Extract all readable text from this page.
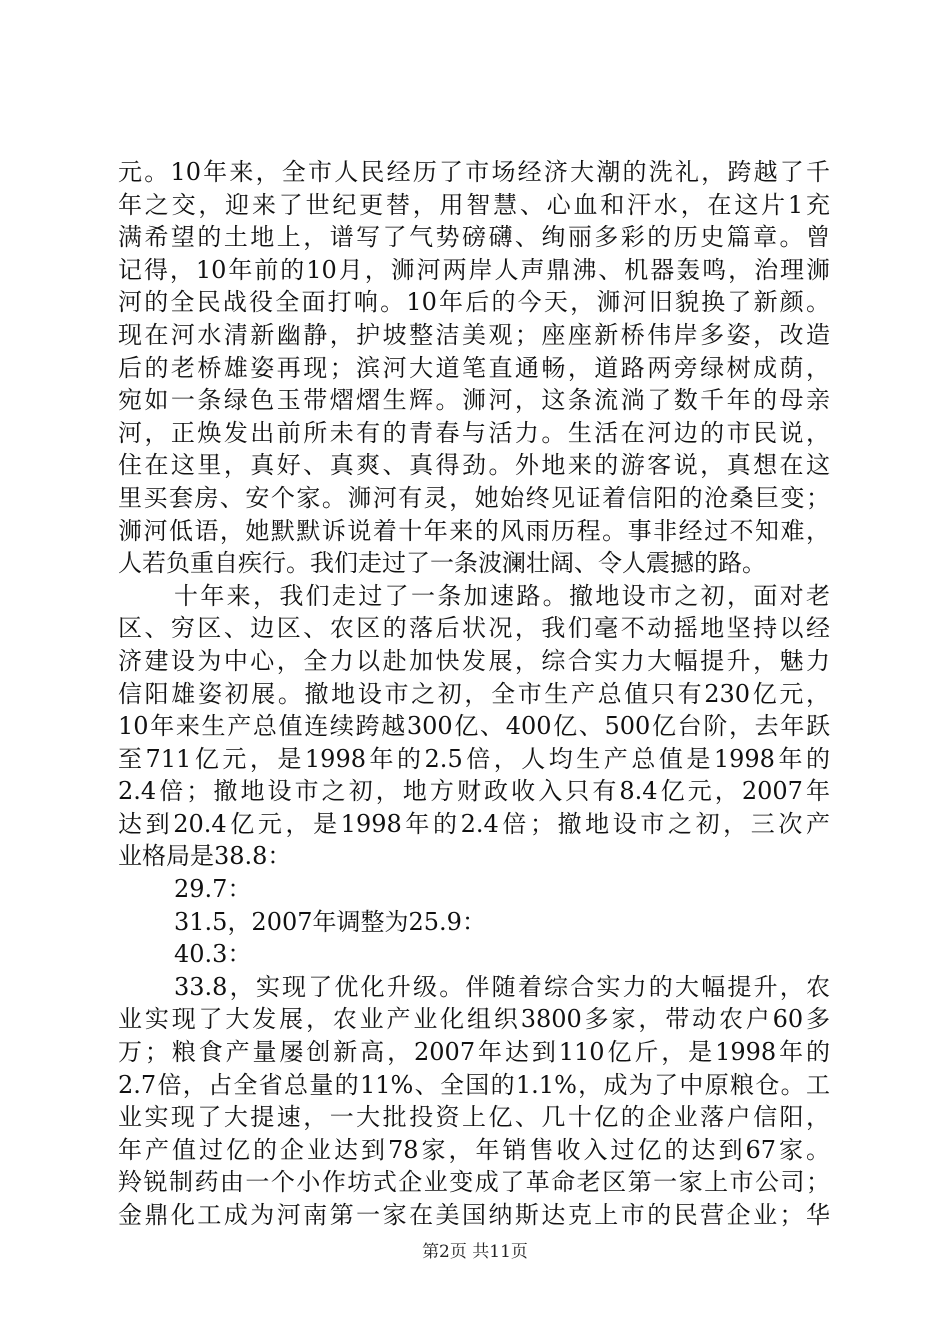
元。10年来，全市人民经历了市场经济大潮的洗礼，跨越了千
年之交，迎来了世纪更替，用智慧、心血和汗水，在这片1充
满希望的土地上，谱写了气势磅礴、绚丽多彩的历史篇章。曾
记得，10年前的10月，浉河两岸人声鼎沸、机器轰鸣，治理浉
河的全民战役全面打响。10年后的今天，浉河旧貌换了新颜。
现在河水清新幽静，护坡整洁美观；座座新桥伟岸多姿，改造
后的老桥雄姿再现；滨河大道笔直通畅，道路两旁绿树成荫，
宛如一条绿色玉带熠熠生辉。浉河，这条流淌了数千年的母亲
河，正焕发出前所未有的青春与活力。生活在河边的市民说，
住在这里，真好、真爽、真得劲。外地来的游客说，真想在这
里买套房、安个家。浉河有灵，她始终见证着信阳的沧桑巨变；
浉河低语，她默默诉说着十年来的风雨历程。事非经过不知难，
人若负重自疾行。我们走过了一条波澜壮阔、令人震撼的路。
十年来，我们走过了一条加速路。撤地设市之初，面对老
区、穷区、边区、农区的落后状况，我们毫不动摇地坚持以经
济建设为中心，全力以赴加快发展，综合实力大幅提升，魅力
信阳雄姿初展。撤地设市之初，全市生产总值只有230亿元，
10年来生产总值连续跨越300亿、400亿、500亿台阶，去年跃
至711亿元，是1998年的2.5倍，人均生产总值是1998年的
2.4倍；撤地设市之初，地方财政收入只有8.4亿元，2007年
达到20.4亿元，是1998年的2.4倍；撤地设市之初，三次产
业格局是38.8：
29.7：
31.5，2007年调整为25.9：
40.3：
33.8，实现了优化升级。伴随着综合实力的大幅提升，农
业实现了大发展，农业产业化组织3800多家，带动农户60多
万；粮食产量屡创新高，2007年达到110亿斤，是1998年的
2.7倍，占全省总量的11%、全国的1.1%，成为了中原粮仓。工
业实现了大提速，一大批投资上亿、几十亿的企业落户信阳，
年产值过亿的企业达到78家，年销售收入过亿的达到67家。
羚锐制药由一个小作坊式企业变成了革命老区第一家上市公司；
金鼎化工成为河南第一家在美国纳斯达克上市的民营企业；华
第2页 共11页
